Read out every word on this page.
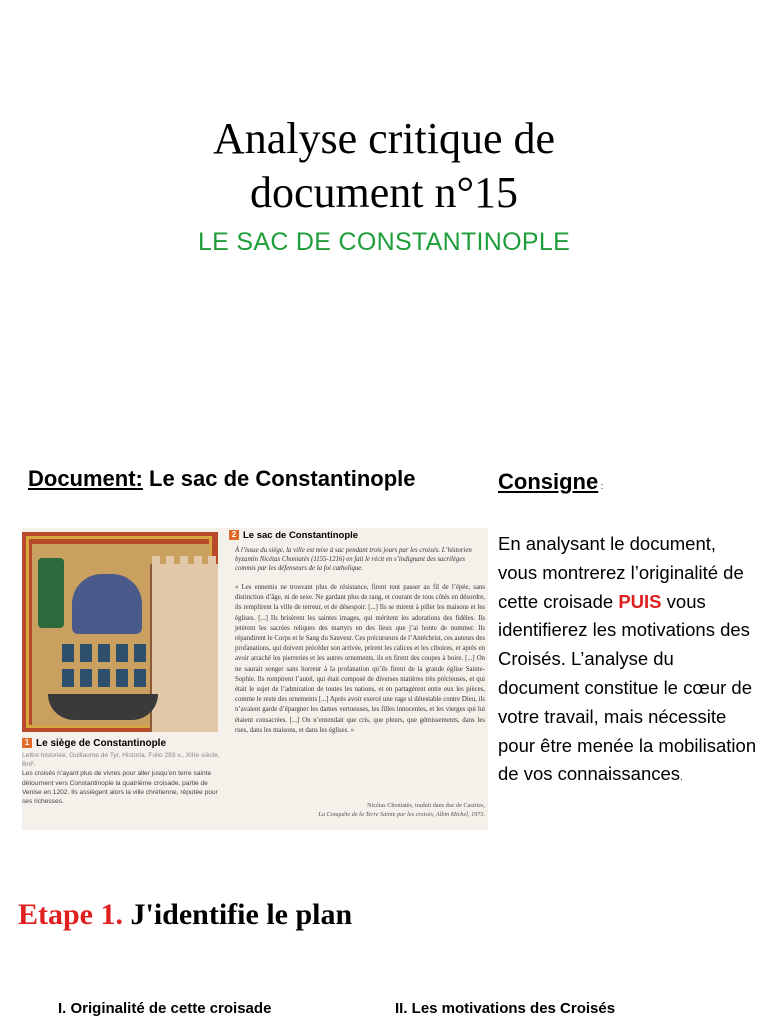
Analyse critique de
document n°15
LE SAC DE CONSTANTINOPLE
Document: Le sac de Constantinople	Consigne :
En analysant le document, vous montrerez l’originalité de cette croisade PUIS vous identifierez les motivations des Croisés. L’analyse du document constitue le cœur de votre travail, mais nécessite pour être menée la mobilisation de vos connaissances.
1 Le siège de Constantinople

Lettre historiée, Guillaume de Tyr, Historia, Folio 293 v., XIIIe siècle, BnF.

Les croisés n’ayant plus de vivres pour aller jusqu’en terre sainte détournent vers Constantinople la quatrième croisade, partie de Venise en 1202. Ils assiègent alors la ville chrétienne, réputée pour ses richesses.

2 Le sac de Constantinople
À l’issue du siège, la ville est mise à sac pendant trois jours par les croisés. L’historien byzantin Nicétas Choniatès (1155-1216) en fait le récit en s’indignant des sacrilèges commis par les défenseurs de la foi catholique.
« Les ennemis ne trouvant plus de résistance, firent tout passer au fil de l’épée, sans distinction d’âge, ni de sexe. Ne gardant plus de rang, et courant de tous côtés en désordre, ils remplirent la ville de terreur, et de désespoir. [...] Ils se mirent à piller les maisons et les églises. [...] Ils brisèrent les saintes images, qui méritent les adorations des fidèles. Ils jetèrent les sacrées reliques des martyrs en des lieux que j’ai honte de nommer. Ils répandirent le Corps et le Sang du Sauveur. Ces précurseurs de l’Antéchrist, ces auteurs des profanations, qui doivent précéder son arrivée, prirent les calices et les ciboires, et après en avoir arraché les pierreries et les autres ornements, ils en firent des coupes à boire. [...] On ne saurait songer sans horreur à la profanation qu’ils firent de la grande église Sainte-Sophie. Ils rompirent l’autel, qui était composé de diverses matières très précieuses, et qui était le sujet de l’admiration de toutes les nations, et en partagèrent entre eux les pièces, comme le reste des ornements [...] Après avoir exercé une rage si détestable contre Dieu, ils n’avaient garde d’épargner les dames vertueuses, les filles innocentes, et les vierges qui lui étaient consacrées. [...] On n’entendait que cris, que pleurs, que gémissements, dans les rues, dans les maisons, et dans les églises. »
Nicétas Choniatès, traduit dans duc de Castries,
La Conquête de la Terre Sainte par les croisés, Albin Michel, 1973.
Etape 1. J'identifie le plan
I. Originalité de cette croisade	II. Les motivations des Croisés
